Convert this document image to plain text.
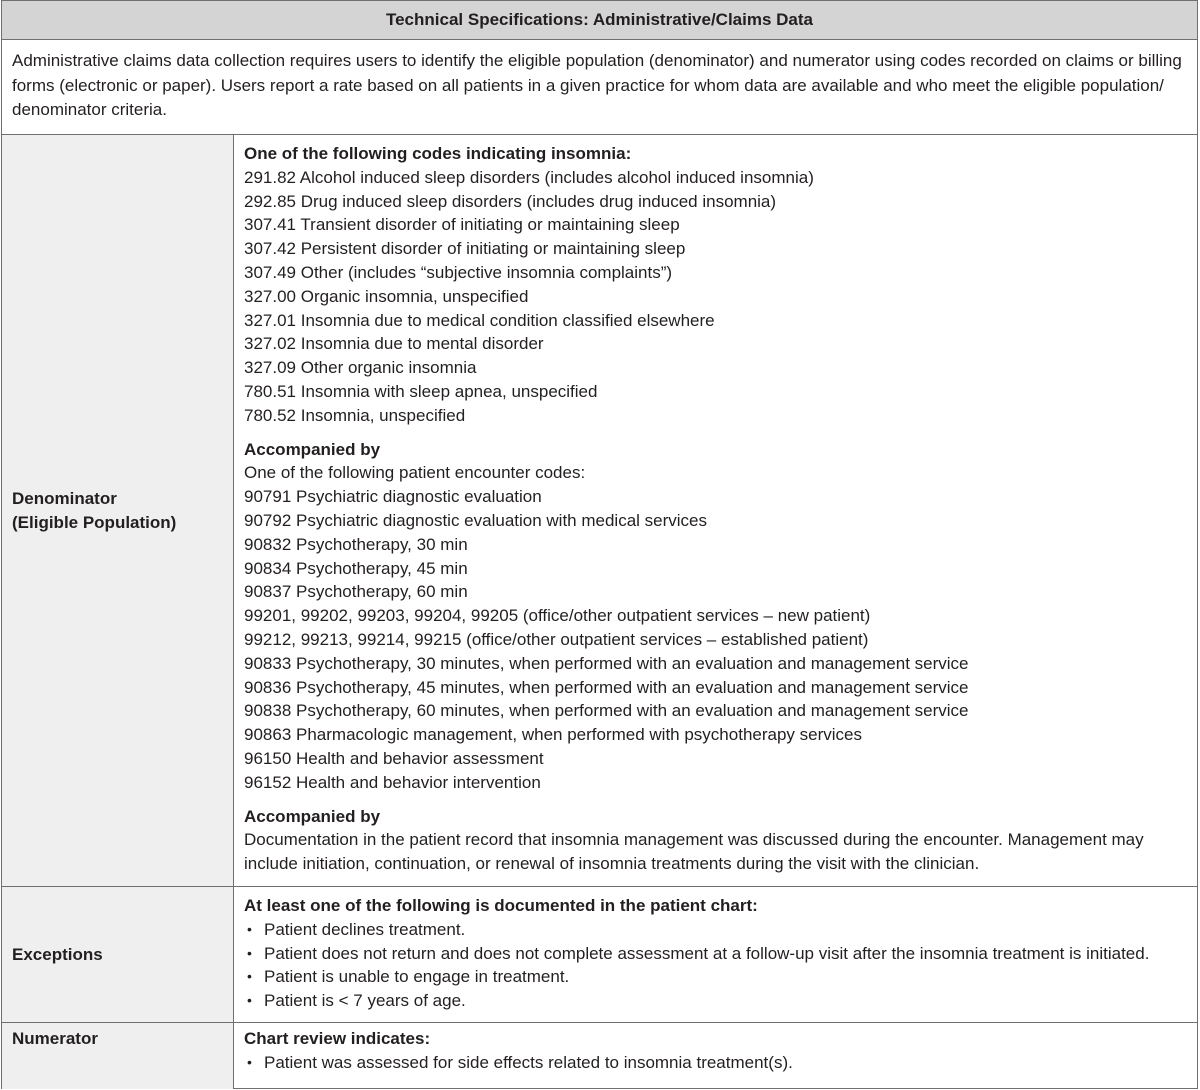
Technical Specifications: Administrative/Claims Data
Administrative claims data collection requires users to identify the eligible population (denominator) and numerator using codes recorded on claims or billing forms (electronic or paper). Users report a rate based on all patients in a given practice for whom data are available and who meet the eligible population/ denominator criteria.
Denominator
(Eligible Population)
One of the following codes indicating insomnia:
291.82 Alcohol induced sleep disorders (includes alcohol induced insomnia)
292.85 Drug induced sleep disorders (includes drug induced insomnia)
307.41 Transient disorder of initiating or maintaining sleep
307.42 Persistent disorder of initiating or maintaining sleep
307.49 Other (includes “subjective insomnia complaints”)
327.00 Organic insomnia, unspecified
327.01 Insomnia due to medical condition classified elsewhere
327.02 Insomnia due to mental disorder
327.09 Other organic insomnia
780.51 Insomnia with sleep apnea, unspecified
780.52 Insomnia, unspecified
Accompanied by
One of the following patient encounter codes:
90791 Psychiatric diagnostic evaluation
90792 Psychiatric diagnostic evaluation with medical services
90832 Psychotherapy, 30 min
90834 Psychotherapy, 45 min
90837 Psychotherapy, 60 min
99201, 99202, 99203, 99204, 99205 (office/other outpatient services – new patient)
99212, 99213, 99214, 99215 (office/other outpatient services – established patient)
90833 Psychotherapy, 30 minutes, when performed with an evaluation and management service
90836 Psychotherapy, 45 minutes, when performed with an evaluation and management service
90838 Psychotherapy, 60 minutes, when performed with an evaluation and management service
90863 Pharmacologic management, when performed with psychotherapy services
96150 Health and behavior assessment
96152 Health and behavior intervention
Accompanied by
Documentation in the patient record that insomnia management was discussed during the encounter. Management may include initiation, continuation, or renewal of insomnia treatments during the visit with the clinician.
Exceptions
At least one of the following is documented in the patient chart:
• Patient declines treatment.
• Patient does not return and does not complete assessment at a follow-up visit after the insomnia treatment is initiated.
• Patient is unable to engage in treatment.
• Patient is < 7 years of age.
Numerator	Chart review indicates:
• Patient was assessed for side effects related to insomnia treatment(s).
